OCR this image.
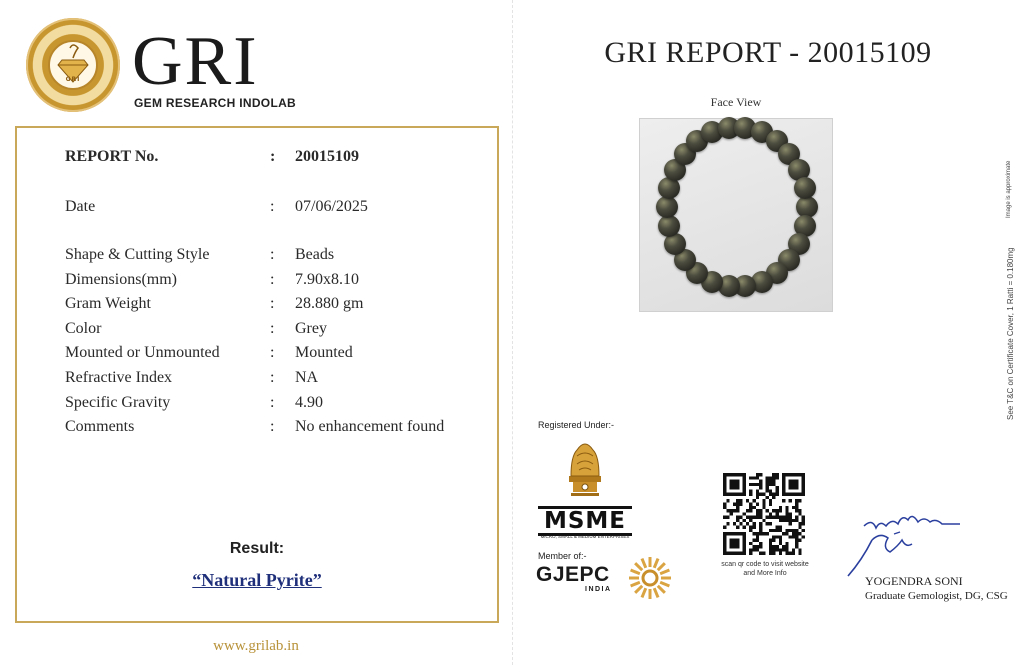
GRI GRI
GEM RESEARCH INDOLAB
REPORT No.	: 20015109
Date	: 07/06/2025
Shape & Cutting Style	: Beads
Dimensions(mm)	: 7.90x8.10
Gram Weight	: 28.880 gm
Color	: Grey
Mounted or Unmounted	: Mounted
Refractive Index	: NA
Specific Gravity	: 4.90
Comments	: No enhancement found
Result:
“Natural Pyrite”
www.grilab.in
GRI REPORT - 20015109
Face View
Registered Under:-
MSME
MICRO, SMALL & MEDIUM ENTERPRISES
Member of:-
GJEPC
INDIA
scan qr code to visit website
and More Info
YOGENDRA SONI
Graduate Gemologist, DG, CSG
See T&C on Certificate Cover, 1 Ratti = 0.180mg
Image is approximate
